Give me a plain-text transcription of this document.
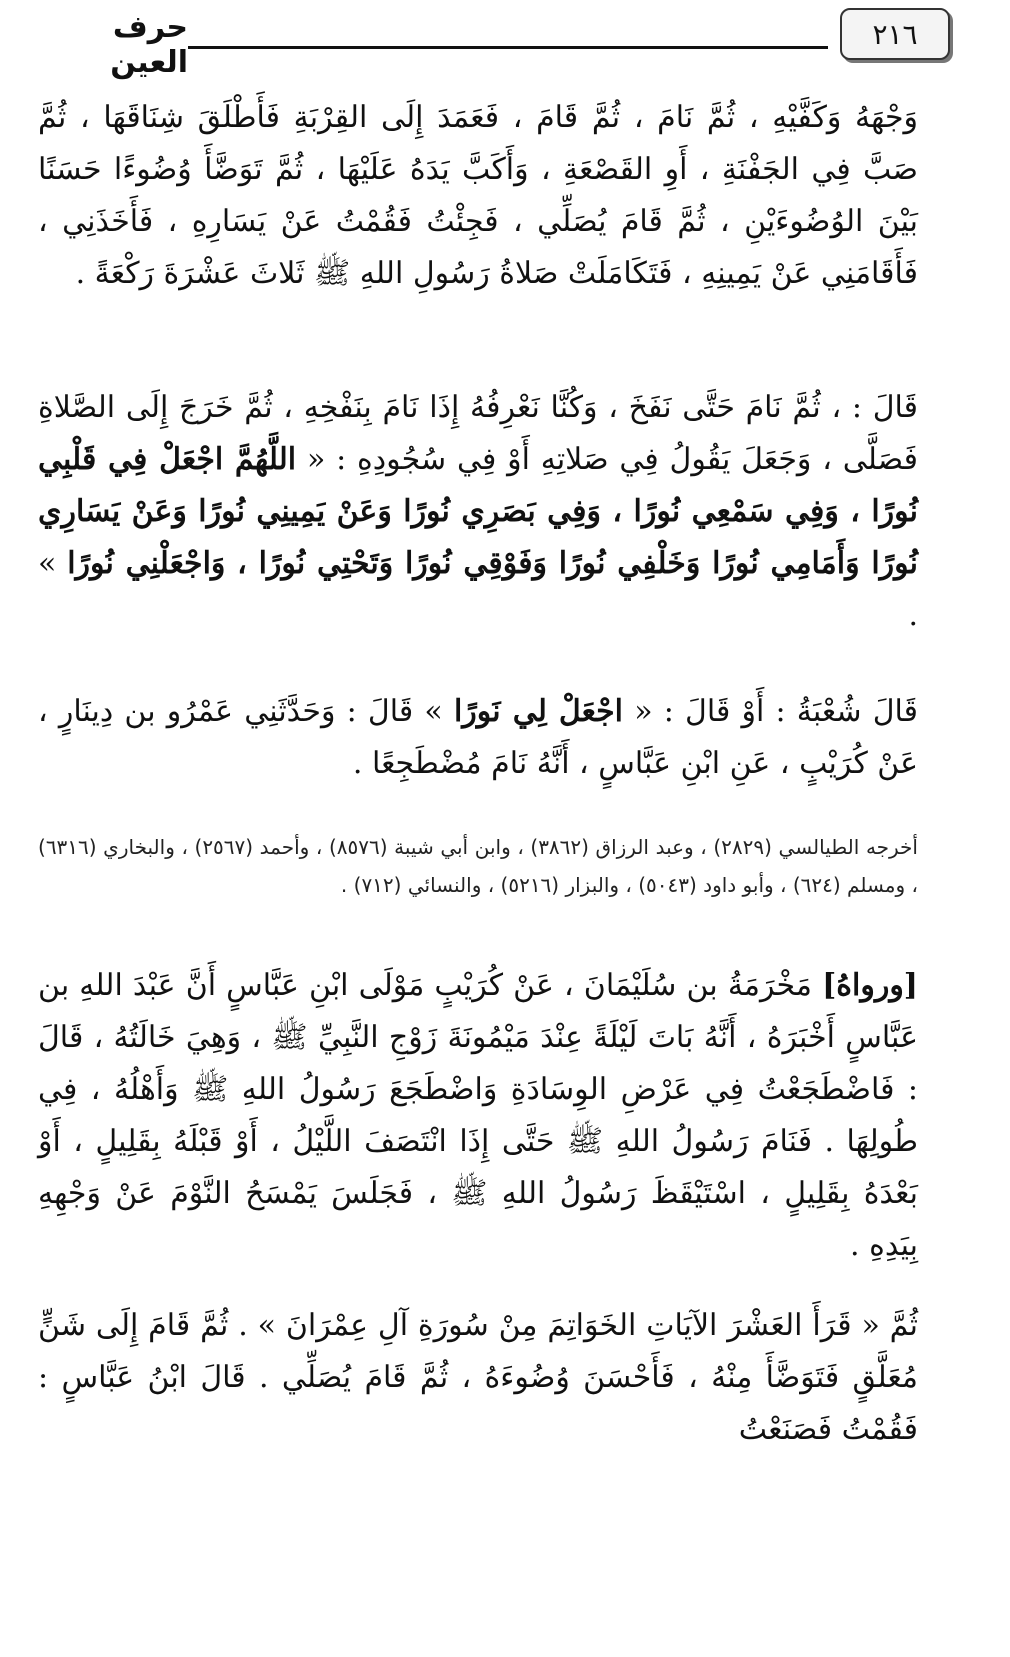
٢١٦
حرف العين

وَجْهَهُ وَكَفَّيْهِ ، ثُمَّ نَامَ ، ثُمَّ قَامَ ، فَعَمَدَ إِلَى القِرْبَةِ فَأَطْلَقَ شِنَاقَهَا ، ثُمَّ صَبَّ فِي الجَفْنَةِ ، أَوِ القَصْعَةِ ، وَأَكَبَّ يَدَهُ عَلَيْهَا ، ثُمَّ تَوَضَّأَ وُضُوءًا حَسَنًا بَيْنَ الوُضُوءَيْنِ ، ثُمَّ قَامَ يُصَلِّي ، فَجِئْتُ فَقُمْتُ عَنْ يَسَارِهِ ، فَأَخَذَنِي ، فَأَقَامَنِي عَنْ يَمِينِهِ ، فَتَكَامَلَتْ صَلاةُ رَسُولِ اللهِ ﷺ ثَلاثَ عَشْرَةَ رَكْعَةً .

قَالَ : ، ثُمَّ نَامَ حَتَّى نَفَخَ ، وَكُنَّا نَعْرِفُهُ إِذَا نَامَ بِنَفْخِهِ ، ثُمَّ خَرَجَ إِلَى الصَّلاةِ فَصَلَّى ، وَجَعَلَ يَقُولُ فِي صَلاتِهِ أَوْ فِي سُجُودِهِ : « اللَّهُمَّ اجْعَلْ فِي قَلْبِي نُورًا ، وَفِي سَمْعِي نُورًا ، وَفِي بَصَرِي نُورًا وَعَنْ يَمِينِي نُورًا وَعَنْ يَسَارِي نُورًا وَأَمَامِي نُورًا وَخَلْفِي نُورًا وَفَوْقِي نُورًا وَتَحْتِي نُورًا ، وَاجْعَلْنِي نُورًا » .

قَالَ شُعْبَةُ : أَوْ قَالَ : « اجْعَلْ لِي نَورًا » قَالَ : وَحَدَّثَنِي عَمْرُو بن دِينَارٍ ، عَنْ كُرَيْبٍ ، عَنِ ابْنِ عَبَّاسٍ ، أَنَّهُ نَامَ مُضْطَجِعًا .

أخرجه الطيالسي (٢٨٢٩) ، وعبد الرزاق (٣٨٦٢) ، وابن أبي شيبة (٨٥٧٦) ، وأحمد (٢٥٦٧) ، والبخاري (٦٣١٦) ، ومسلم (٦٢٤) ، وأبو داود (٥٠٤٣) ، والبزار (٥٢١٦) ، والنسائي (٧١٢) .

[ورواهُ] مَخْرَمَةُ بن سُلَيْمَانَ ، عَنْ كُرَيْبٍ مَوْلَى ابْنِ عَبَّاسٍ أَنَّ عَبْدَ اللهِ بن عَبَّاسٍ أَخْبَرَهُ ، أَنَّهُ بَاتَ لَيْلَةً عِنْدَ مَيْمُونَةَ زَوْجِ النَّبِيِّ ﷺ ، وَهِيَ خَالَتُهُ ، قَالَ : فَاضْطَجَعْتُ فِي عَرْضِ الوِسَادَةِ وَاضْطَجَعَ رَسُولُ اللهِ ﷺ وَأَهْلُهُ ، فِي طُولِهَا . فَنَامَ رَسُولُ اللهِ ﷺ حَتَّى إِذَا انْتَصَفَ اللَّيْلُ ، أَوْ قَبْلَهُ بِقَلِيلٍ ، أَوْ بَعْدَهُ بِقَلِيلٍ ، اسْتَيْقَظَ رَسُولُ اللهِ ﷺ ، فَجَلَسَ يَمْسَحُ النَّوْمَ عَنْ وَجْهِهِ بِيَدِهِ .

ثُمَّ « قَرَأَ العَشْرَ الآيَاتِ الخَوَاتِمَ مِنْ سُورَةِ آلِ عِمْرَانَ » . ثُمَّ قَامَ إِلَى شَنٍّ مُعَلَّقٍ فَتَوَضَّأَ مِنْهُ ، فَأَحْسَنَ وُضُوءَهُ ، ثُمَّ قَامَ يُصَلِّي . قَالَ ابْنُ عَبَّاسٍ : فَقُمْتُ فَصَنَعْتُ
